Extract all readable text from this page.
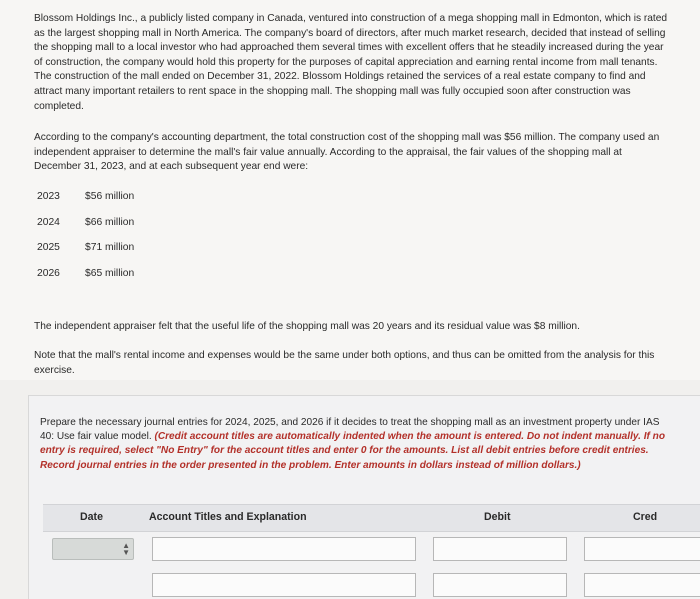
Blossom Holdings Inc., a publicly listed company in Canada, ventured into construction of a mega shopping mall in Edmonton, which is rated as the largest shopping mall in North America. The company's board of directors, after much market research, decided that instead of selling the shopping mall to a local investor who had approached them several times with excellent offers that he steadily increased during the year of construction, the company would hold this property for the purposes of capital appreciation and earning rental income from mall tenants. The construction of the mall ended on December 31, 2022. Blossom Holdings retained the services of a real estate company to find and attract many important retailers to rent space in the shopping mall. The shopping mall was fully occupied soon after construction was completed.

According to the company's accounting department, the total construction cost of the shopping mall was $56 million. The company used an independent appraiser to determine the mall's fair value annually. According to the appraisal, the fair values of the shopping mall at December 31, 2023, and at each subsequent year end were:

2023	$56 million
2024	$66 million
2025	$71 million
2026	$65 million

The independent appraiser felt that the useful life of the shopping mall was 20 years and its residual value was $8 million.

Note that the mall's rental income and expenses would be the same under both options, and thus can be omitted from the analysis for this exercise.

Prepare the necessary journal entries for 2024, 2025, and 2026 if it decides to treat the shopping mall as an investment property under IAS 40: Use fair value model. (Credit account titles are automatically indented when the amount is entered. Do not indent manually. If no entry is required, select "No Entry" for the account titles and enter 0 for the amounts. List all debit entries before credit entries. Record journal entries in the order presented in the problem. Enter amounts in dollars instead of million dollars.)

Date	Account Titles and Explanation	Debit	Cred
▲
▼
